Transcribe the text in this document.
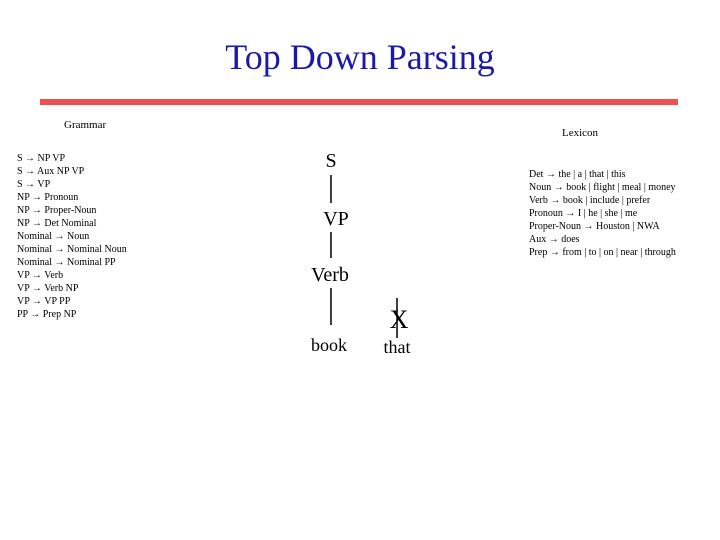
Top Down Parsing
Grammar
S → NP VP
S → Aux NP VP
S → VP
NP → Pronoun
NP → Proper-Noun
NP → Det Nominal
Nominal → Noun
Nominal → Nominal Noun
Nominal → Nominal PP
VP → Verb
VP → Verb NP
VP → VP PP
PP → Prep NP
Lexicon
Det → the | a | that | this
Noun → book | flight | meal | money
Verb → book | include | prefer
Pronoun → I | he | she | me
Proper-Noun → Houston | NWA
Aux → does
Prep → from | to | on | near | through
S
VP
Verb
book
X
that
